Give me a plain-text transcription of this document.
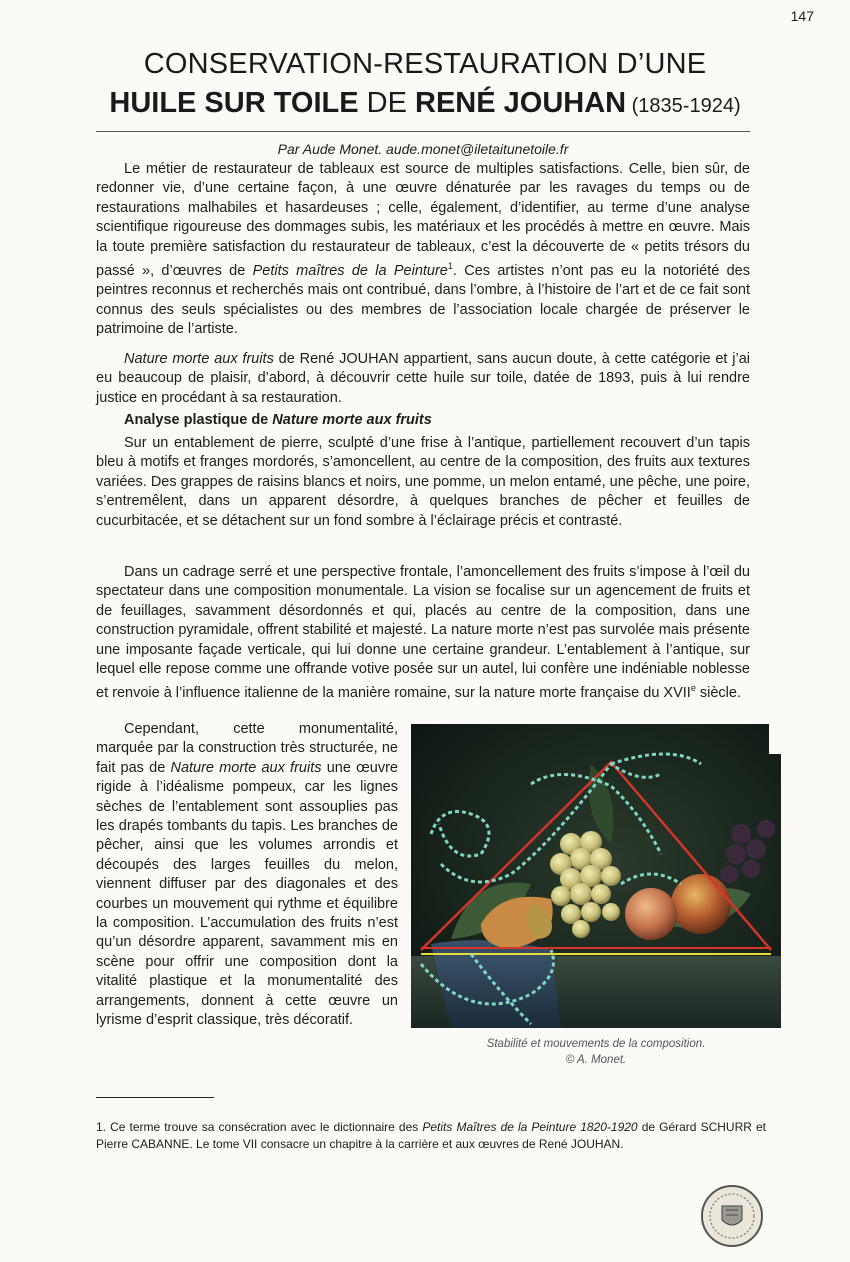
147
CONSERVATION-RESTAURATION D’UNE
HUILE SUR TOILE DE RENÉ JOUHAN (1835-1924)
Par Aude Monet. aude.monet@iletaitunetoile.fr

Le métier de restaurateur de tableaux est source de multiples satisfactions. Celle, bien sûr, de redonner vie, d’une certaine façon, à une œuvre dénaturée par les ravages du temps ou de restaurations malhabiles et hasardeuses ; celle, également, d’identifier, au terme d’une analyse scientifique rigoureuse des dommages subis, les matériaux et les procédés à mettre en œuvre. Mais la toute première satisfaction du restaurateur de tableaux, c’est la découverte de « petits trésors du passé », d’œuvres de Petits maîtres de la Peinture$^1$. Ces artistes n’ont pas eu la notoriété des peintres reconnus et recherchés mais ont contribué, dans l’ombre, à l’histoire de l’art et de ce fait sont connus des seuls spécialistes ou des membres de l’association locale chargée de préserver le patrimoine de l’artiste.

Nature morte aux fruits de René JOUHAN appartient, sans aucun doute, à cette catégorie et j’ai eu beaucoup de plaisir, d’abord, à découvrir cette huile sur toile, datée de 1893, puis à lui rendre justice en procédant à sa restauration.

Analyse plastique de Nature morte aux fruits

Sur un entablement de pierre, sculpté d’une frise à l’antique, partiellement recouvert d’un tapis bleu à motifs et franges mordorés, s’amoncellent, au centre de la composition, des fruits aux textures variées. Des grappes de raisins blancs et noirs, une pomme, un melon entamé, une pêche, une poire, s’entremêlent, dans un apparent désordre, à quelques branches de pêcher et feuilles de cucurbitacée, et se détachent sur un fond sombre à l’éclairage précis et contrasté.

Dans un cadrage serré et une perspective frontale, l’amoncellement des fruits s’impose à l’œil du spectateur dans une composition monumentale. La vision se focalise sur un agencement de fruits et de feuillages, savamment désordonnés et qui, placés au centre de la composition, dans une construction pyramidale, offrent stabilité et majesté. La nature morte n’est pas survolée mais présente une imposante façade verticale, qui lui donne une certaine grandeur. L’entablement à l’antique, sur lequel elle repose comme une offrande votive posée sur un autel, lui confère une indéniable noblesse et renvoie à l’influence italienne de la manière romaine, sur la nature morte française du XVIIe siècle.

Cependant, cette monumentalité, marquée par la construction très structurée, ne fait pas de Nature morte aux fruits une œuvre rigide à l’idéalisme pompeux, car les lignes sèches de l’entablement sont assouplies pas les drapés tombants du tapis. Les branches de pêcher, ainsi que les volumes arrondis et découpés des larges feuilles du melon, viennent diffuser par des diagonales et des courbes un mouvement qui rythme et équilibre la composition. L’accumulation des fruits n’est qu’un désordre apparent, savamment mis en scène pour offrir une composition dont la vitalité plastique et la monumentalité des arrangements, donnent à cette œuvre un lyrisme d’esprit classique, très décoratif.

Stabilité et mouvements de la composition.
© A. Monet.

1. Ce terme trouve sa consécration avec le dictionnaire des Petits Maîtres de la Peinture 1820-1920 de Gérard SCHURR et Pierre CABANNE. Le tome VII consacre un chapitre à la carrière et aux œuvres de René JOUHAN.
